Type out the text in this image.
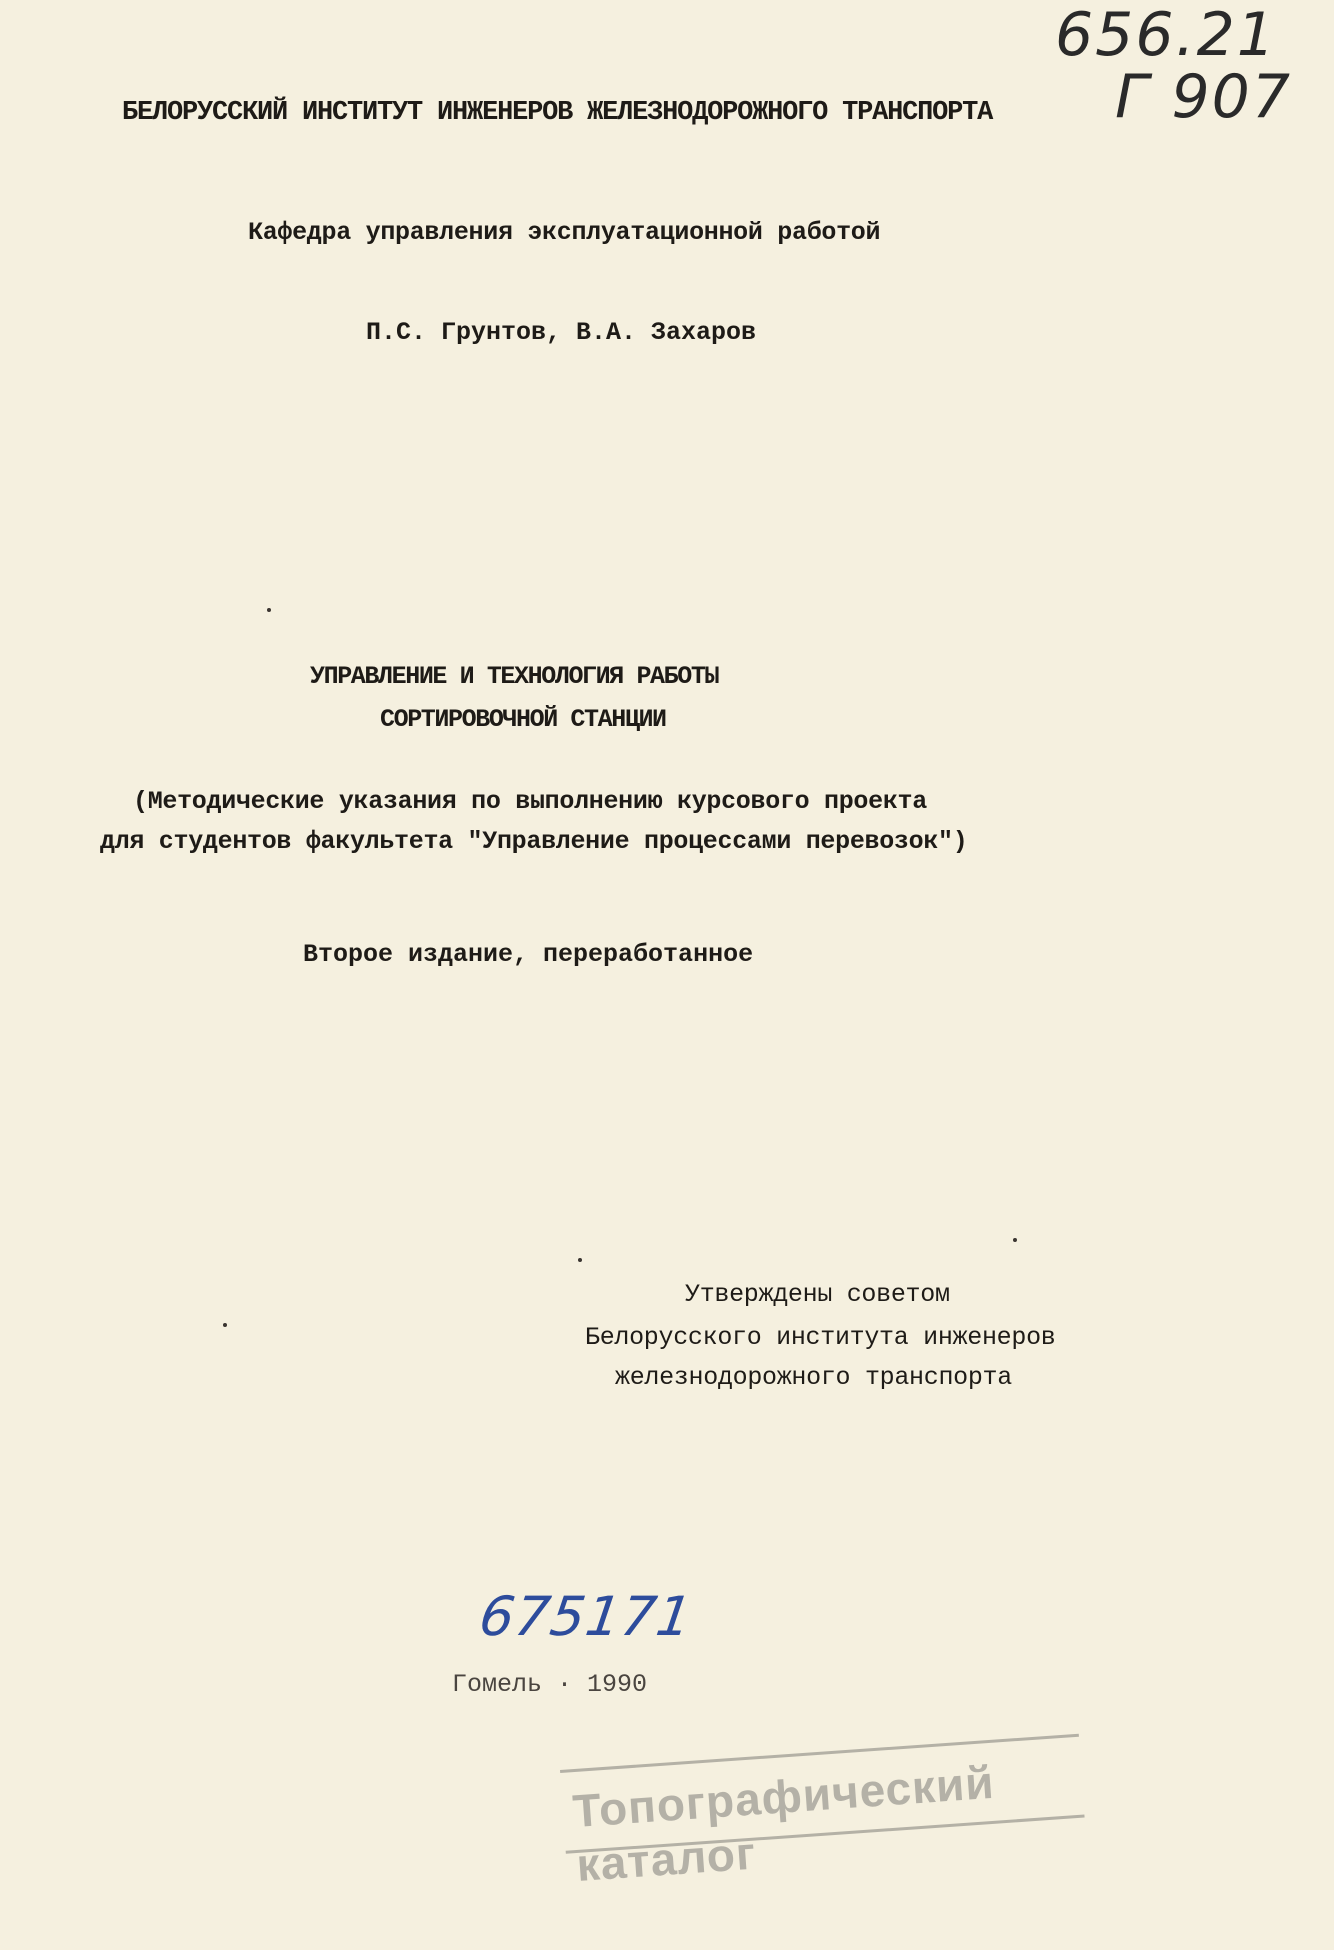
656.21
Г 907
БЕЛОРУССКИЙ ИНСТИТУТ ИНЖЕНЕРОВ ЖЕЛЕЗНОДОРОЖНОГО ТРАНСПОРТА
Кафедра управления эксплуатационной работой
П.С. Грунтов, В.А. Захаров
УПРАВЛЕНИЕ И ТЕХНОЛОГИЯ РАБОТЫ
СОРТИРОВОЧНОЙ СТАНЦИИ
(Методические указания по выполнению курсового проекта
для студентов факультета "Управление процессами перевозок")
Второе издание, переработанное
Утверждены советом
Белорусского института инженеров
железнодорожного транспорта
675171
Гомель · 1990
Топографический каталог
